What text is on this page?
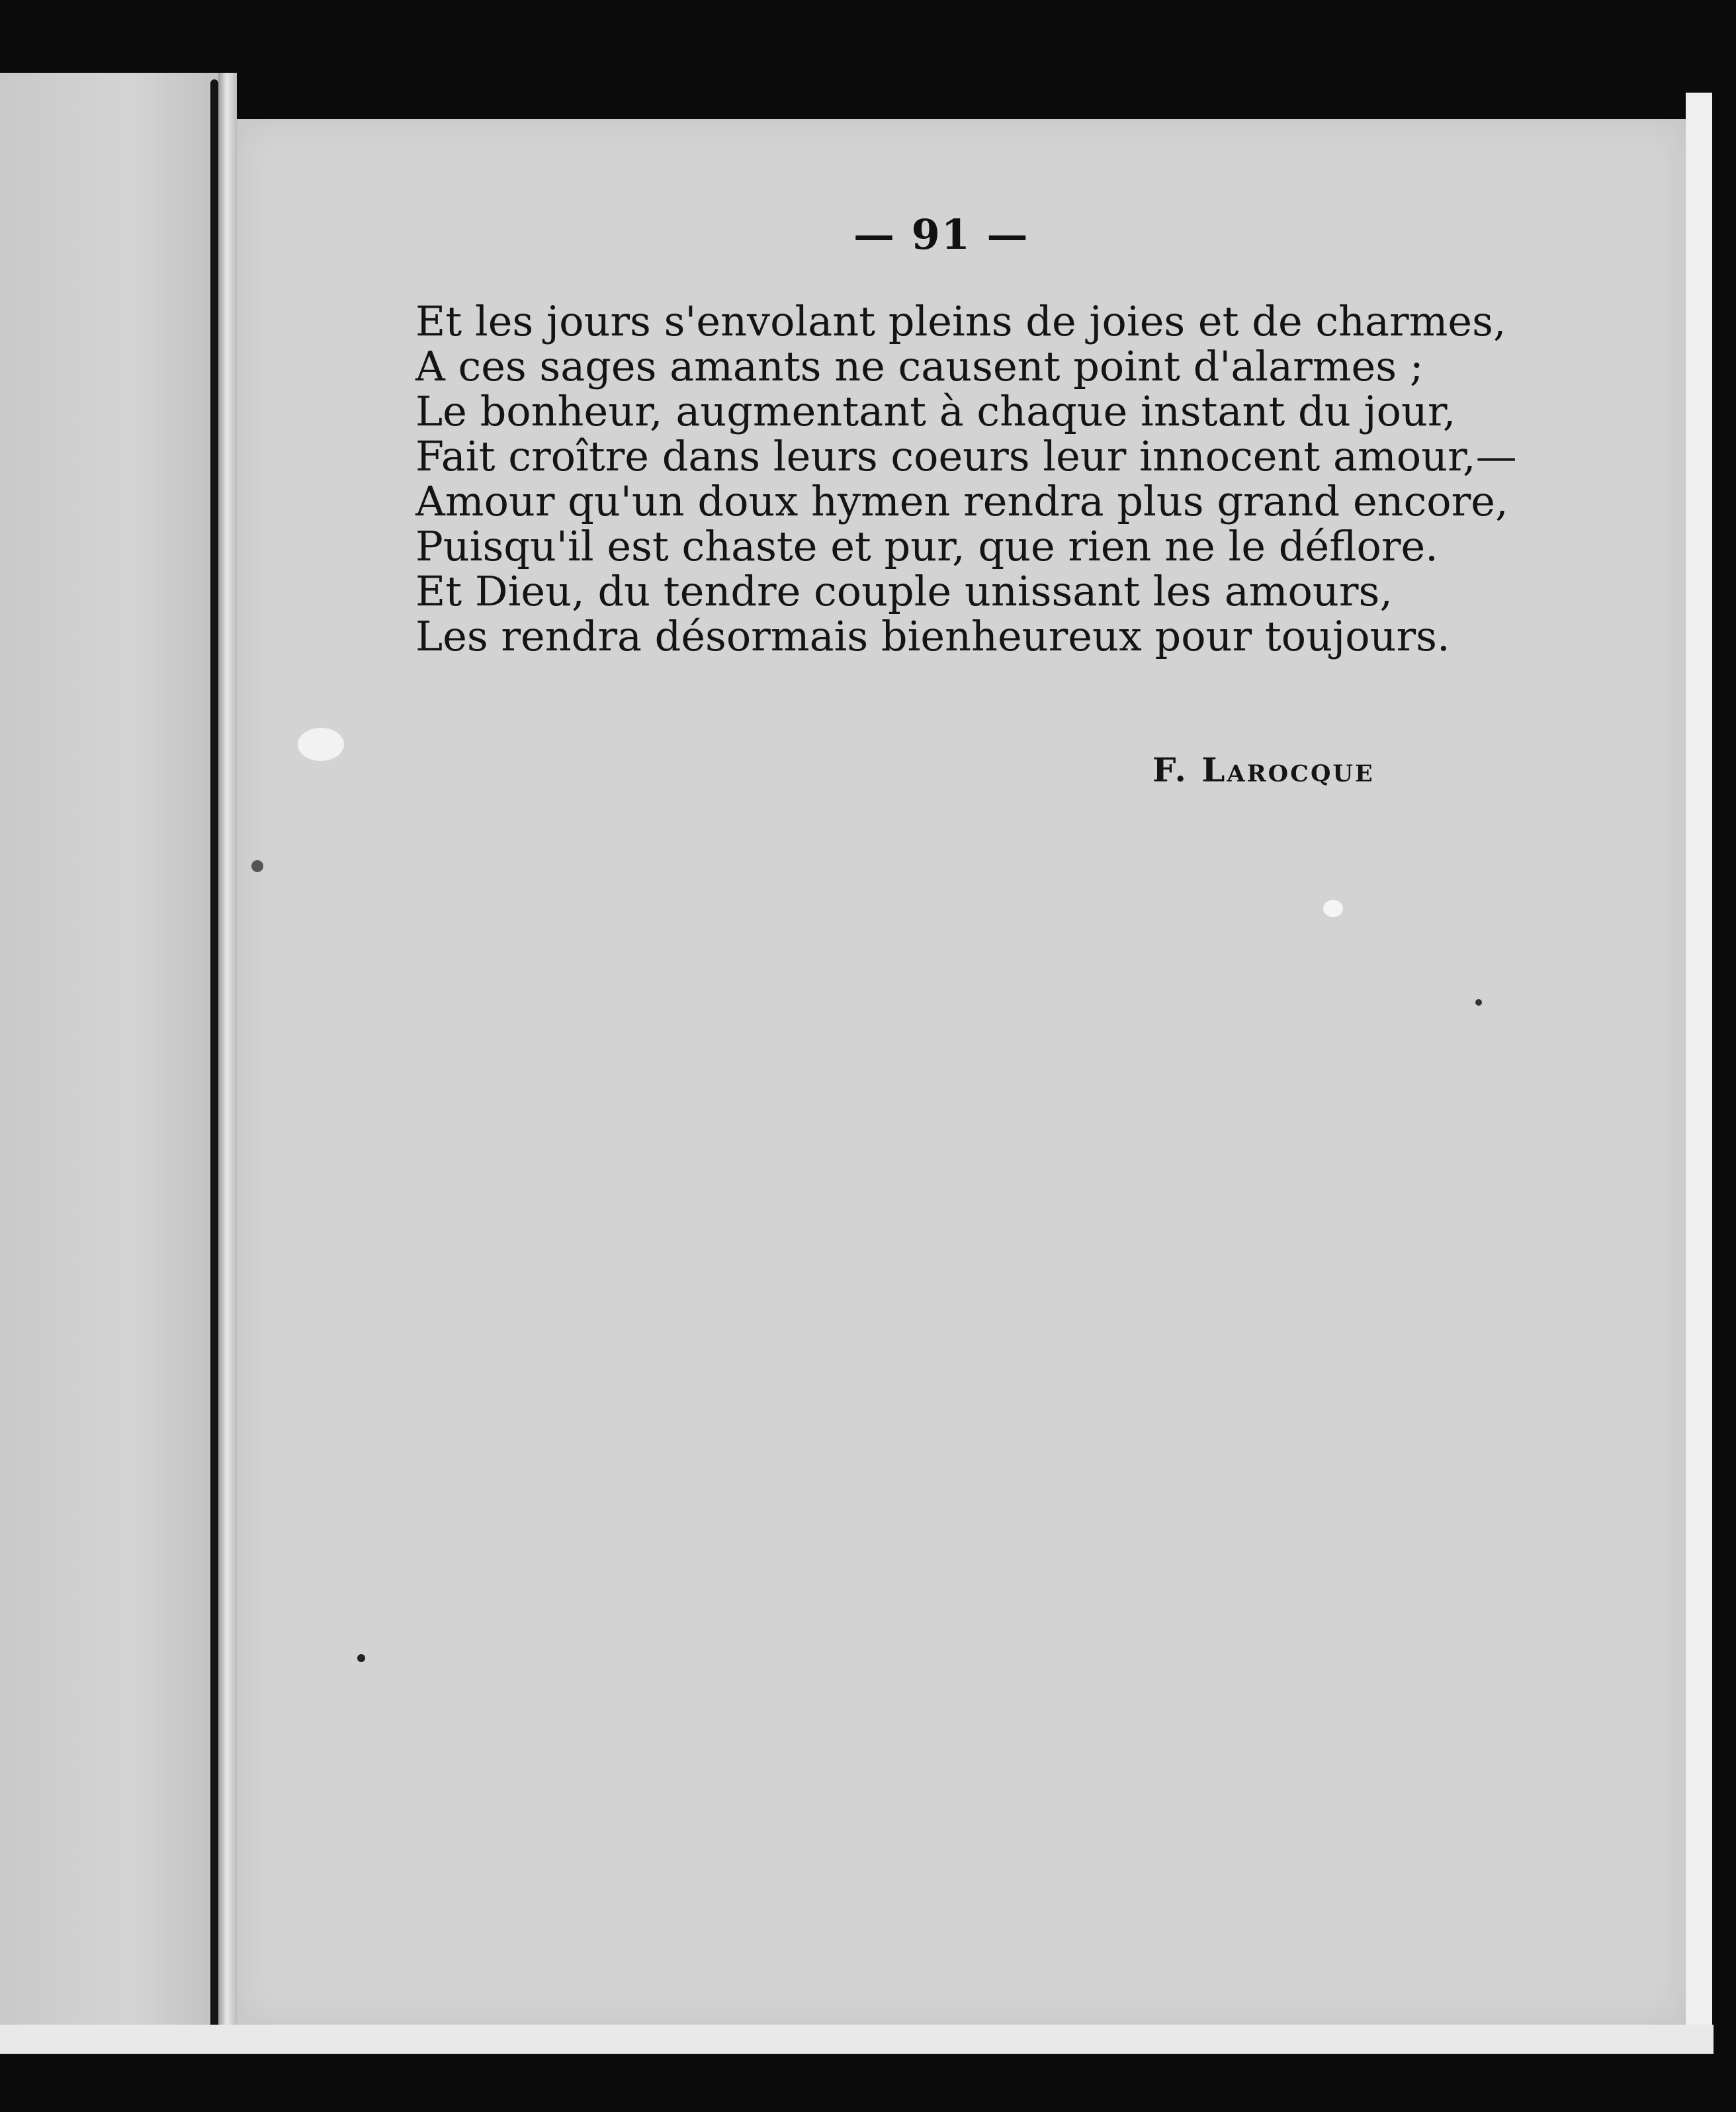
— 91 —
Et les jours s'envolant pleins de joies et de charmes,
A ces sages amants ne causent point d'alarmes ;
Le bonheur, augmentant à chaque instant du jour,
Fait croître dans leurs coeurs leur innocent amour,—
Amour qu'un doux hymen rendra plus grand encore,
Puisqu'il est chaste et pur, que rien ne le déflore.
Et Dieu, du tendre couple unissant les amours,
Les rendra désormais bienheureux pour toujours.
F. Larocque
